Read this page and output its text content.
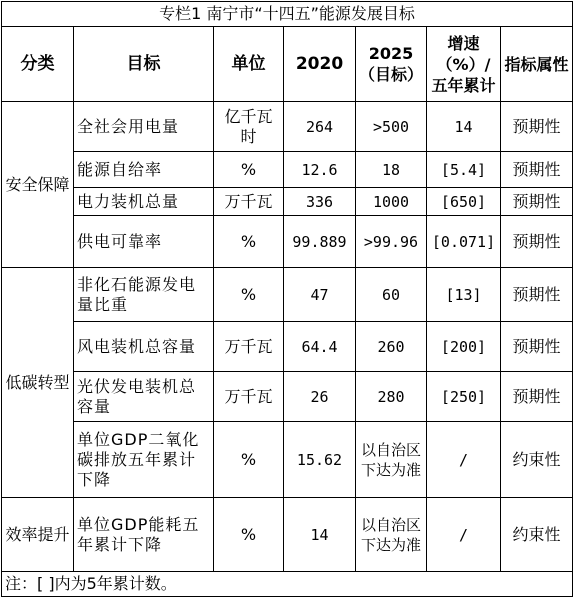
专栏1 南宁市“十四五”能源发展目标						
分类	目标	单位	2020	2025（目标）	增速（%）/五年累计	指标属性
安全保障	全社会用电量	亿千瓦时	264	>500	14	预期性
	能源自给率	%	12.6	18	[5.4]	预期性
	电力装机总量	万千瓦	336	1000	[650]	预期性
	供电可靠率	%	99.889	>99.96	[0.071]	预期性
低碳转型	非化石能源发电量比重	%	47	60	[13]	预期性
	风电装机总容量	万千瓦	64.4	260	[200]	预期性
	光伏发电装机总容量	万千瓦	26	280	[250]	预期性
	单位GDP二氧化碳排放五年累计下降	%	15.62	以自治区下达为准	/	约束性
效率提升	单位GDP能耗五年累计下降	%	14	以自治区下达为准	/	约束性
注：[ ]内为5年累计数。						
